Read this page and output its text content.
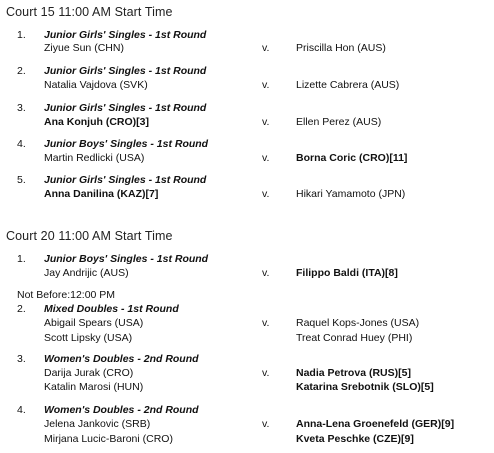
Court 15 11:00 AM Start Time
1. Junior Girls' Singles - 1st Round
Ziyue Sun (CHN)	v.	Priscilla Hon (AUS)
2. Junior Girls' Singles - 1st Round
Natalia Vajdova (SVK)	v.	Lizette Cabrera (AUS)
3. Junior Girls' Singles - 1st Round
Ana Konjuh (CRO)[3]	v.	Ellen Perez (AUS)
4. Junior Boys' Singles - 1st Round
Martin Redlicki (USA)	v.	Borna Coric (CRO)[11]
5. Junior Girls' Singles - 1st Round
Anna Danilina (KAZ)[7]	v.	Hikari Yamamoto (JPN)
Court 20 11:00 AM Start Time
1. Junior Boys' Singles - 1st Round
Jay Andrijic (AUS)	v.	Filippo Baldi (ITA)[8]
Not Before:12:00 PM
2. Mixed Doubles - 1st Round
Abigail Spears (USA)	v.	Raquel Kops-Jones (USA)
Scott Lipsky (USA)	Treat Conrad Huey (PHI)
3. Women's Doubles - 2nd Round
Darija Jurak (CRO)	v.	Nadia Petrova (RUS)[5]
Katalin Marosi (HUN)	Katarina Srebotnik (SLO)[5]
4. Women's Doubles - 2nd Round
Jelena Jankovic (SRB)	v.	Anna-Lena Groenefeld (GER)[9]
Mirjana Lucic-Baroni (CRO)	Kveta Peschke (CZE)[9]
